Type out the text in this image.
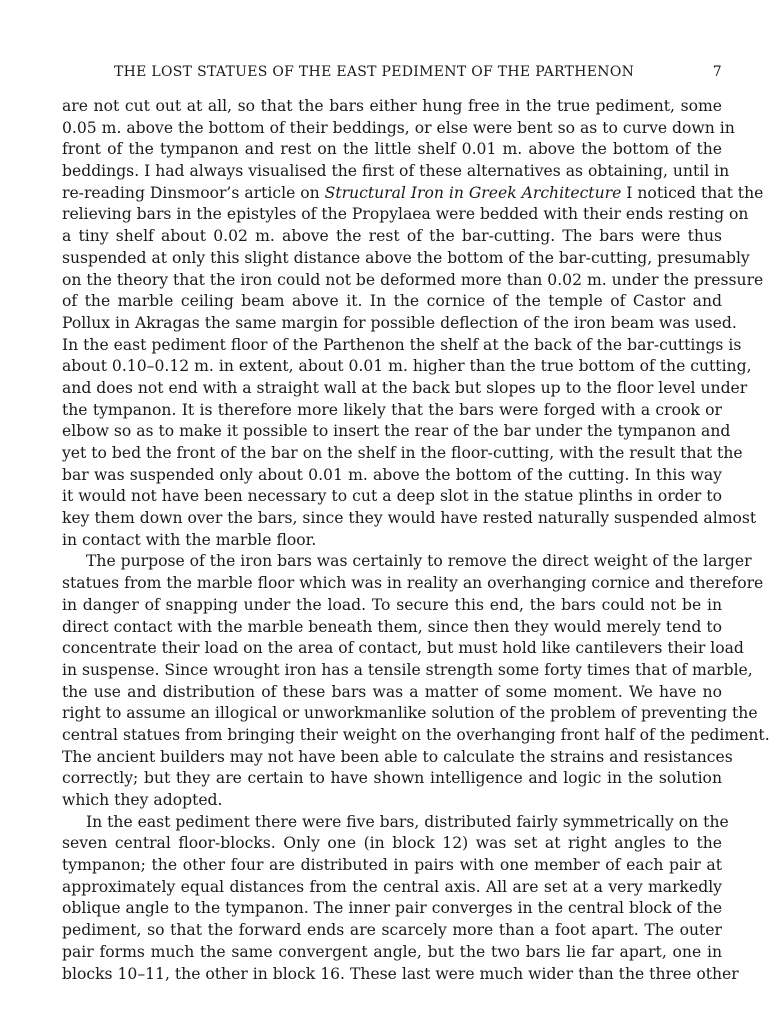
THE LOST STATUES OF THE EAST PEDIMENT OF THE PARTHENON	7
are not cut out at all, so that the bars either hung free in the true pediment, some
0.05 m. above the bottom of their beddings, or else were bent so as to curve down in
front of the tympanon and rest on the little shelf 0.01 m. above the bottom of the
beddings. I had always visualised the first of these alternatives as obtaining, until in
re-reading Dinsmoor’s article on Structural Iron in Greek Architecture I noticed that the
relieving bars in the epistyles of the Propylaea were bedded with their ends resting on
a tiny shelf about 0.02 m. above the rest of the bar-cutting. The bars were thus
suspended at only this slight distance above the bottom of the bar-cutting, presumably
on the theory that the iron could not be deformed more than 0.02 m. under the pressure
of the marble ceiling beam above it. In the cornice of the temple of Castor and
Pollux in Akragas the same margin for possible deflection of the iron beam was used.
In the east pediment floor of the Parthenon the shelf at the back of the bar-cuttings is
about 0.10–0.12 m. in extent, about 0.01 m. higher than the true bottom of the cutting,
and does not end with a straight wall at the back but slopes up to the floor level under
the tympanon. It is therefore more likely that the bars were forged with a crook or
elbow so as to make it possible to insert the rear of the bar under the tympanon and
yet to bed the front of the bar on the shelf in the floor-cutting, with the result that the
bar was suspended only about 0.01 m. above the bottom of the cutting. In this way
it would not have been necessary to cut a deep slot in the statue plinths in order to
key them down over the bars, since they would have rested naturally suspended almost
in contact with the marble floor.
The purpose of the iron bars was certainly to remove the direct weight of the larger
statues from the marble floor which was in reality an overhanging cornice and therefore
in danger of snapping under the load. To secure this end, the bars could not be in
direct contact with the marble beneath them, since then they would merely tend to
concentrate their load on the area of contact, but must hold like cantilevers their load
in suspense. Since wrought iron has a tensile strength some forty times that of marble,
the use and distribution of these bars was a matter of some moment. We have no
right to assume an illogical or unworkmanlike solution of the problem of preventing the
central statues from bringing their weight on the overhanging front half of the pediment.
The ancient builders may not have been able to calculate the strains and resistances
correctly; but they are certain to have shown intelligence and logic in the solution
which they adopted.
In the east pediment there were five bars, distributed fairly symmetrically on the
seven central floor-blocks. Only one (in block 12) was set at right angles to the
tympanon; the other four are distributed in pairs with one member of each pair at
approximately equal distances from the central axis. All are set at a very markedly
oblique angle to the tympanon. The inner pair converges in the central block of the
pediment, so that the forward ends are scarcely more than a foot apart. The outer
pair forms much the same convergent angle, but the two bars lie far apart, one in
blocks 10–11, the other in block 16. These last were much wider than the three other
